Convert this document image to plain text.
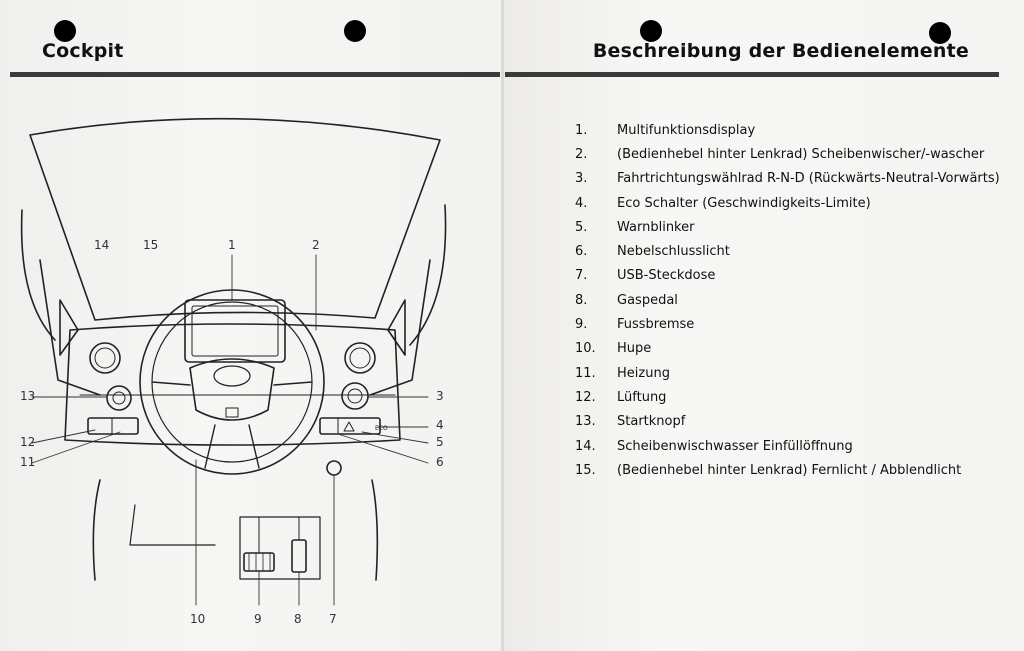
Cockpit	Beschreibung der Bedienelemente
ECO
14	15	1	2
13
12
11
3
4
5
6
10	9	8 7
1.	Multifunktionsdisplay
2.	(Bedienhebel hinter Lenkrad) Scheibenwischer/-wascher
3.	Fahrtrichtungswählrad R-N-D (Rückwärts-Neutral-Vorwärts)
4.	Eco Schalter (Geschwindigkeits-Limite)
5.	Warnblinker
6.	Nebelschlusslicht
7.	USB-Steckdose
8.	Gaspedal
9.	Fussbremse
10.	Hupe
11.	Heizung
12.	Lüftung
13.	Startknopf
14.	Scheibenwischwasser Einfüllöffnung
15.	(Bedienhebel hinter Lenkrad) Fernlicht / Abblendlicht
